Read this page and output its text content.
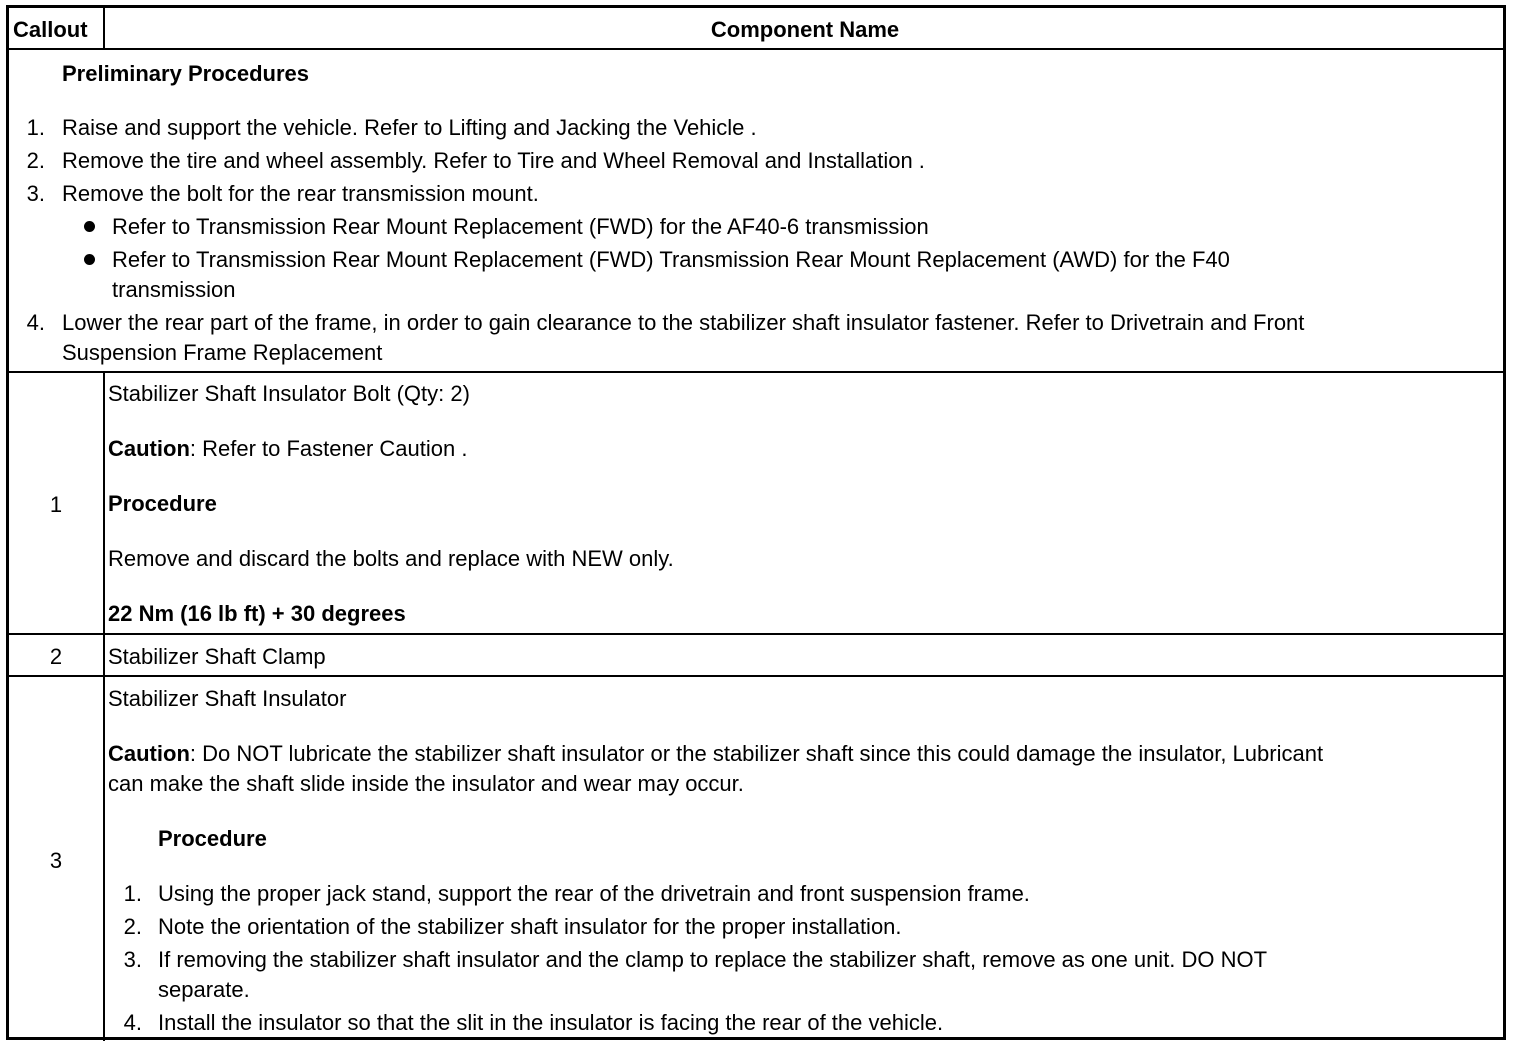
Callout	Component Name
Preliminary Procedures
1. Raise and support the vehicle. Refer to Lifting and Jacking the Vehicle .
2. Remove the tire and wheel assembly. Refer to Tire and Wheel Removal and Installation .
3. Remove the bolt for the rear transmission mount.
Refer to Transmission Rear Mount Replacement (FWD) for the AF40-6 transmission
Refer to Transmission Rear Mount Replacement (FWD) Transmission Rear Mount Replacement (AWD) for the F40
transmission
4. Lower the rear part of the frame, in order to gain clearance to the stabilizer shaft insulator fastener. Refer to Drivetrain and Front
Suspension Frame Replacement
1
Stabilizer Shaft Insulator Bolt (Qty: 2)
Caution: Refer to Fastener Caution .
Procedure
Remove and discard the bolts and replace with NEW only.
22 Nm (16 lb ft) + 30 degrees
2	Stabilizer Shaft Clamp
3
Stabilizer Shaft Insulator
Caution: Do NOT lubricate the stabilizer shaft insulator or the stabilizer shaft since this could damage the insulator, Lubricant
can make the shaft slide inside the insulator and wear may occur.
Procedure
1. Using the proper jack stand, support the rear of the drivetrain and front suspension frame.
2. Note the orientation of the stabilizer shaft insulator for the proper installation.
3. If removing the stabilizer shaft insulator and the clamp to replace the stabilizer shaft, remove as one unit. DO NOT
separate.
4. Install the insulator so that the slit in the insulator is facing the rear of the vehicle.
